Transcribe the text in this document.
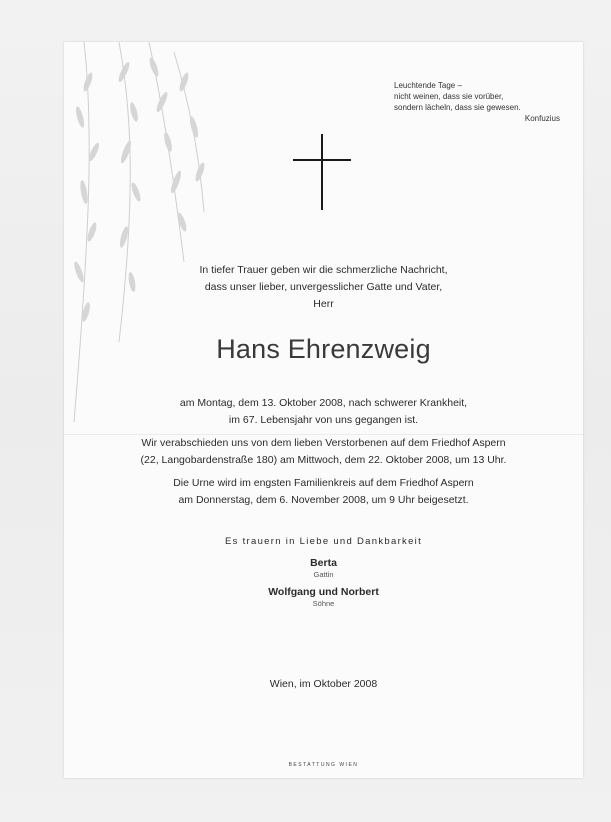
Leuchtende Tage –
nicht weinen, dass sie vorüber,
sondern lächeln, dass sie gewesen.
Konfuzius
In tiefer Trauer geben wir die schmerzliche Nachricht,
dass unser lieber, unvergesslicher Gatte und Vater,
Herr
Hans Ehrenzweig

am Montag, dem 13. Oktober 2008, nach schwerer Krankheit,
im 67. Lebensjahr von uns gegangen ist.

Wir verabschieden uns von dem lieben Verstorbenen auf dem Friedhof Aspern
(22, Langobardenstraße 180) am Mittwoch, dem 22. Oktober 2008, um 13 Uhr.

Die Urne wird im engsten Familienkreis auf dem Friedhof Aspern
am Donnerstag, dem 6. November 2008, um 9 Uhr beigesetzt.

Es trauern in Liebe und Dankbarkeit
Berta
Gattin
Wolfgang und Norbert
Söhne
Wien, im Oktober 2008
BESTATTUNG WIEN
